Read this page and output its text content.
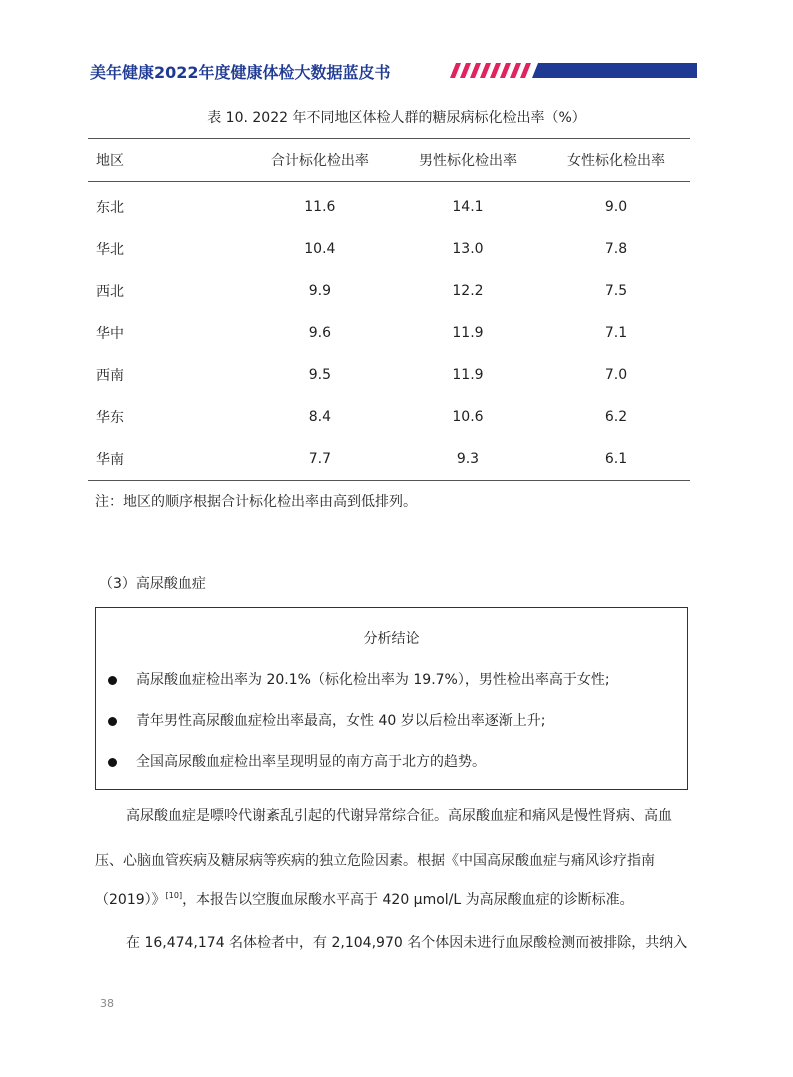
美年健康2022年度健康体检大数据蓝皮书
表 10. 2022 年不同地区体检人群的糖尿病标化检出率（%）
地区	合计标化检出率	男性标化检出率	女性标化检出率
东北	11.6	14.1	9.0
华北	10.4	13.0	7.8
西北	9.9	12.2	7.5
华中	9.6	11.9	7.1
西南	9.5	11.9	7.0
华东	8.4	10.6	6.2
华南	7.7	9.3	6.1
注：地区的顺序根据合计标化检出率由高到低排列。
（3）高尿酸血症
分析结论
高尿酸血症检出率为 20.1%（标化检出率为 19.7%），男性检出率高于女性;
青年男性高尿酸血症检出率最高，女性 40 岁以后检出率逐渐上升;
全国高尿酸血症检出率呈现明显的南方高于北方的趋势。
高尿酸血症是嘌呤代谢紊乱引起的代谢异常综合征。高尿酸血症和痛风是慢性肾病、高血
压、心脑血管疾病及糖尿病等疾病的独立危险因素。根据《中国高尿酸血症与痛风诊疗指南
（2019）》[10]，本报告以空腹血尿酸水平高于 420 μmol/L 为高尿酸血症的诊断标准。
在 16,474,174 名体检者中，有 2,104,970 名个体因未进行血尿酸检测而被排除，共纳入
38
